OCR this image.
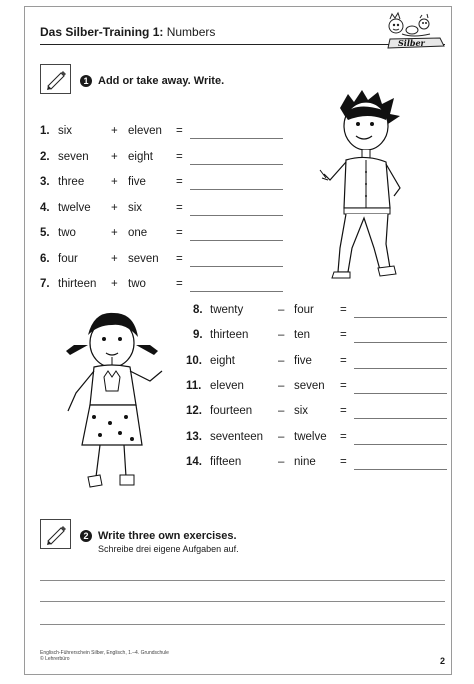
Das Silber-Training 1: Numbers
Silber
1 Add or take away. Write.
1. six	+ eleven =
2. seven + eight =
3. three + five	=
4. twelve + six	=
5. two	+ one	=
6. four	+ seven =
7. thirteen + two	=
8. twenty	– four =
9. thirteen	– ten	=
10. eight	– five =
11. eleven	– seven =
12. fourteen – six	=
13. seventeen – twelve =
14. fifteen	– nine =
2 Write three own exercises.
Schreibe drei eigene Aufgaben auf.
Englisch-Führerschein Silber, Englisch, 1.–4. Grundschule
© Lehrerbüro	2
